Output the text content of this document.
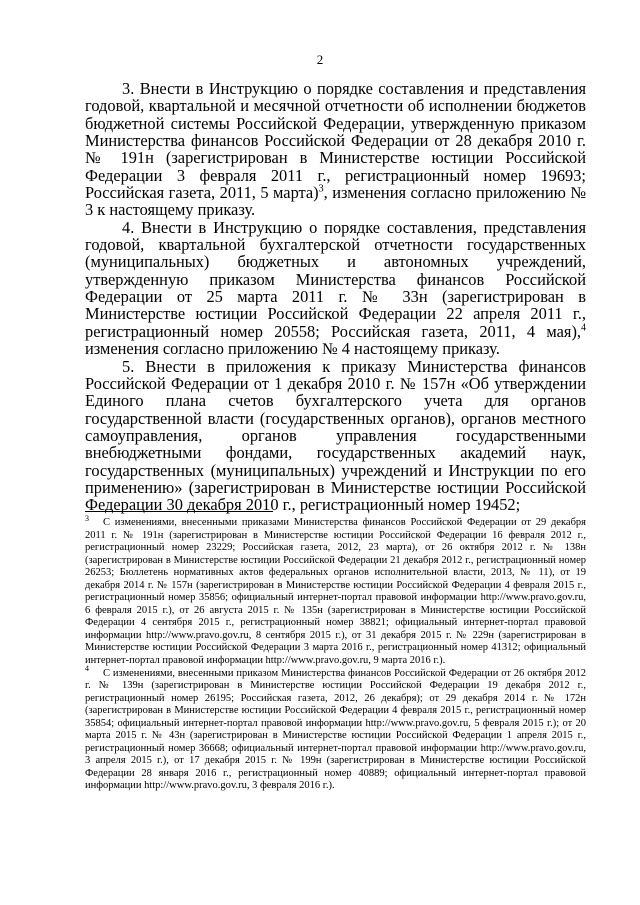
2

3. Внести в Инструкцию о порядке составления и представления годовой, квартальной и месячной отчетности об исполнении бюджетов бюджетной системы Российской Федерации, утвержденную приказом Министерства финансов Российской Федерации от 28 декабря 2010 г. № 191н (зарегистрирован в Министерстве юстиции Российской Федерации 3 февраля 2011 г., регистрационный номер 19693; Российская газета, 2011, 5 марта)$^3$, изменения согласно приложению № 3 к настоящему приказу.

4. Внести в Инструкцию о порядке составления, представления годовой, квартальной бухгалтерской отчетности государственных (муниципальных) бюджетных и автономных учреждений, утвержденную приказом Министерства финансов Российской Федерации от 25 марта 2011 г. № 33н (зарегистрирован в Министерстве юстиции Российской Федерации 22 апреля 2011 г., регистрационный номер 20558; Российская газета, 2011, 4 мая),$^4$ изменения согласно приложению № 4 настоящему приказу.

5. Внести в приложения к приказу Министерства финансов Российской Федерации от 1 декабря 2010 г. № 157н «Об утверждении Единого плана счетов бухгалтерского учета для органов государственной власти (государственных органов), органов местного самоуправления, органов управления государственными внебюджетными фондами, государственных академий наук, государственных (муниципальных) учреждений и Инструкции по его применению» (зарегистрирован в Министерстве юстиции Российской Федерации 30 декабря 2010 г., регистрационный номер 19452;

$^3$ С изменениями, внесенными приказами Министерства финансов Российской Федерации от 29 декабря 2011 г. № 191н (зарегистрирован в Министерстве юстиции Российской Федерации 16 февраля 2012 г., регистрационный номер 23229; Российская газета, 2012, 23 марта), от 26 октября 2012 г. № 138н (зарегистрирован в Министерстве юстиции Российской Федерации 21 декабря 2012 г., регистрационный номер 26253; Бюллетень нормативных актов федеральных органов исполнительной власти, 2013, № 11), от 19 декабря 2014 г. № 157н (зарегистрирован в Министерстве юстиции Российской Федерации 4 февраля 2015 г., регистрационный номер 35856; официальный интернет-портал правовой информации http://www.pravo.gov.ru, 6 февраля 2015 г.), от 26 августа 2015 г. № 135н (зарегистрирован в Министерстве юстиции Российской Федерации 4 сентября 2015 г., регистрационный номер 38821; официальный интернет-портал правовой информации http://www.pravo.gov.ru, 8 сентября 2015 г.), от 31 декабря 2015 г. № 229н (зарегистрирован в Министерстве юстиции Российской Федерации 3 марта 2016 г., регистрационный номер 41312; официальный интернет-портал правовой информации http://www.pravo.gov.ru, 9 марта 2016 г.).

$^4$ С изменениями, внесенными приказом Министерства финансов Российской Федерации от 26 октября 2012 г. № 139н (зарегистрирован в Министерстве юстиции Российской Федерации 19 декабря 2012 г., регистрационный номер 26195; Российская газета, 2012, 26 декабря); от 29 декабря 2014 г. № 172н (зарегистрирован в Министерстве юстиции Российской Федерации 4 февраля 2015 г., регистрационный номер 35854; официальный интернет-портал правовой информации http://www.pravo.gov.ru, 5 февраля 2015 г.); от 20 марта 2015 г. № 43н (зарегистрирован в Министерстве юстиции Российской Федерации 1 апреля 2015 г., регистрационный номер 36668; официальный интернет-портал правовой информации http://www.pravo.gov.ru, 3 апреля 2015 г.), от 17 декабря 2015 г. № 199н (зарегистрирован в Министерстве юстиции Российской Федерации 28 января 2016 г., регистрационный номер 40889; официальный интернет-портал правовой информации http://www.pravo.gov.ru, 3 февраля 2016 г.).
